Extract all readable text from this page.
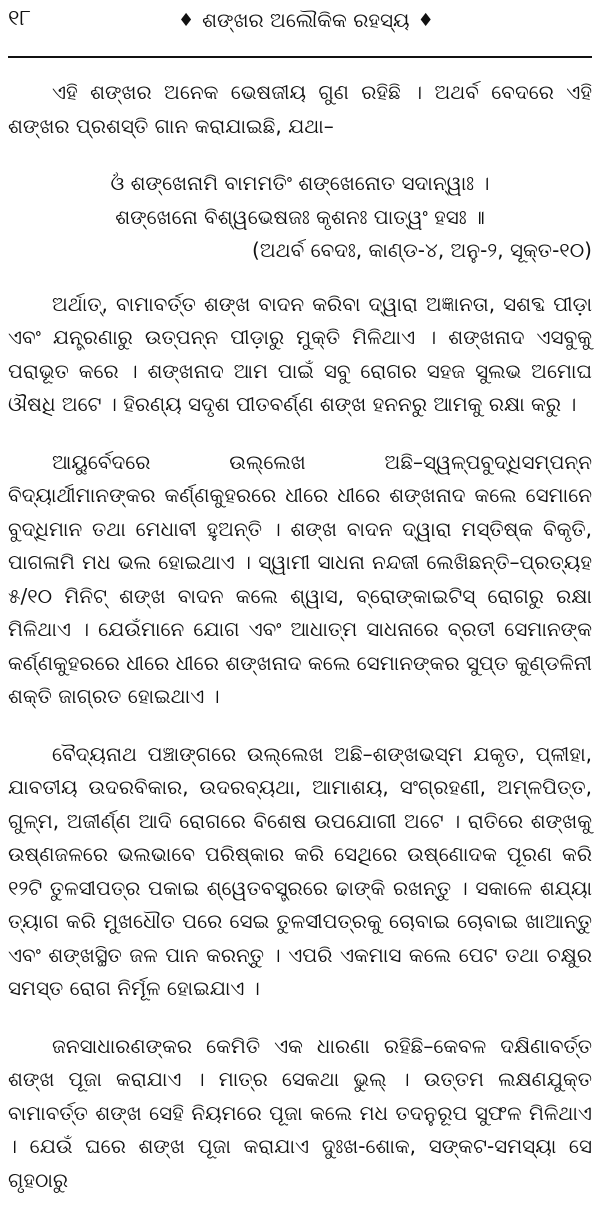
୧୮	♦ ଶଙ୍ଖର ଅଲୌକିକ ରହସ୍ୟ ♦

ଏହି ଶଙ୍ଖର ଅନେକ ଭେଷଜୀୟ ଗୁଣ ରହିଛି । ଅଥର୍ବ ବେଦରେ ଏହି ଶଙ୍ଖର ପ୍ରଶସ୍ତି ଗାନ କରାଯାଇଛି, ଯଥା–

ଓଁ ଶଙ୍ଖେନାମି ବାମମତିଂ ଶଙ୍ଖେନୋତ ସଦାନ୍ୱାଃ ।

ଶଙ୍ଖେନୋ ବିଶ୍ୱଭେଷଜଃ କୃଶନଃ ପାତ୍ୱଂ ହସଃ ॥

(ଅଥର୍ବ ବେଦଃ, କାଣ୍ଡ-୪, ଅନୁ-୨, ସୂକ୍ତ-୧୦)

ଅର୍ଥାତ୍, ବାମାବର୍ତ୍ତ ଶଙ୍ଖ ବାଦନ କରିବା ଦ୍ୱାରା ଅଜ୍ଞାନତା, ସଶବ୍ଦ ପୀଡ଼ା ଏବଂ ଯନ୍ତ୍ରଣାରୁ ଉତ୍ପନ୍ନ ପୀଡ଼ାରୁ ମୁକ୍ତି ମିଳିଥାଏ । ଶଙ୍ଖନାଦ ଏସବୁକୁ ପରାଭୂତ କରେ । ଶଙ୍ଖନାଦ ଆମ ପାଇଁ ସବୁ ରୋଗର ସହଜ ସୁଲଭ ଅମୋଘ ଔଷଧି ଅଟେ । ହିରଣ୍ୟ ସଦୃଶ ପୀତବର୍ଣ୍ଣ ଶଙ୍ଖ ହନନରୁ ଆମକୁ ରକ୍ଷା କରୁ ।

ଆୟୁର୍ବେଦରେ ଉଲ୍ଲେଖ ଅଛି–ସ୍ୱଳ୍ପବୁଦ୍ଧିସମ୍ପନ୍ନ ବିଦ୍ୟାର୍ଥୀମାନଙ୍କର କର୍ଣ୍ଣକୁହରରେ ଧୀରେ ଧୀରେ ଶଙ୍ଖନାଦ କଲେ ସେମାନେ ବୁଦ୍ଧିମାନ ତଥା ମେଧାବୀ ହୁଅନ୍ତି । ଶଙ୍ଖ ବାଦନ ଦ୍ୱାରା ମସ୍ତିଷ୍କ ବିକୃତି, ପାଗଳାମି ମଧ ଭଲ ହୋଇଥାଏ । ସ୍ୱାମୀ ସାଧନା ନନ୍ଦଜୀ ଲେଖିଛନ୍ତି–ପ୍ରତ୍ୟହ ୫/୧୦ ମିନିଟ୍ ଶଙ୍ଖ ବାଦନ କଲେ ଶ୍ୱାସ, ବ୍ରୋଙ୍କାଇଟିସ୍ ରୋଗରୁ ରକ୍ଷା ମିଳିଥାଏ । ଯେଉଁମାନେ ଯୋଗ ଏବଂ ଆଧାତ୍ମ ସାଧନାରେ ବ୍ରତୀ ସେମାନଙ୍କ କର୍ଣ୍ଣକୁହରରେ ଧୀରେ ଧୀରେ ଶଙ୍ଖନାଦ କଲେ ସେମାନଙ୍କର ସୁପ୍ତ କୁଣ୍ଡଳିନୀ ଶକ୍ତି ଜାଗ୍ରତ ହୋଇଥାଏ ।

ବୈଦ୍ୟନାଥ ପଞ୍ଚାଙ୍ଗରେ ଉଲ୍ଲେଖ ଅଛି–ଶଙ୍ଖଭସ୍ମ ଯକୃତ, ପ୍ଳୀହା, ଯାବତୀୟ ଉଦରବିକାର, ଉଦରବ୍ୟଥା, ଆମାଶୟ, ସଂଗ୍ରହଣୀ, ଅମ୍ଳପିତ୍ତ, ଗୁଳ୍ମ, ଅଜୀର୍ଣ୍ଣ ଆଦି ରୋଗରେ ବିଶେଷ ଉପଯୋଗୀ ଅଟେ । ରାତିରେ ଶଙ୍ଖକୁ ଉଷ୍ଣଜଳରେ ଭଲଭାବେ ପରିଷ୍କାର କରି ସେଥିରେ ଉଷ୍ଣୋଦକ ପୂରଣ କରି ୧୨ଟି ତୁଳସୀପତ୍ର ପକାଇ ଶ୍ୱେତବସ୍ତ୍ରରେ ଢାଙ୍କି ରଖନ୍ତୁ । ସକାଳେ ଶଯ୍ୟା ତ୍ୟାଗ କରି ମୁଖଧୌତ ପରେ ସେଇ ତୁଳସୀପତ୍ରକୁ ଚୋବାଇ ଚୋବାଇ ଖାଆନ୍ତୁ ଏବଂ ଶଙ୍ଖସ୍ଥିତ ଜଳ ପାନ କରନ୍ତୁ । ଏପରି ଏକମାସ କଲେ ପେଟ ତଥା ଚକ୍ଷୁର ସମସ୍ତ ରୋଗ ନିର୍ମୂଳ ହୋଇଯାଏ ।

ଜନସାଧାରଣଙ୍କର କେମିତି ଏକ ଧାରଣା ରହିଛି–କେବଳ ଦକ୍ଷିଣାବର୍ତ୍ତ ଶଙ୍ଖ ପୂଜା କରାଯାଏ । ମାତ୍ର ସେକଥା ଭୁଲ୍ । ଉତ୍ତମ ଲକ୍ଷଣଯୁକ୍ତ ବାମାବର୍ତ୍ତ ଶଙ୍ଖ ସେହି ନିୟମରେ ପୂଜା କଲେ ମଧ ତଦନୁରୂପ ସୁଫଳ ମିଳିଥାଏ । ଯେଉଁ ଘରେ ଶଙ୍ଖ ପୂଜା କରାଯାଏ ଦୁଃଖ-ଶୋକ, ସଙ୍କଟ-ସମସ୍ୟା ସେ ଗୃହଠାରୁ
